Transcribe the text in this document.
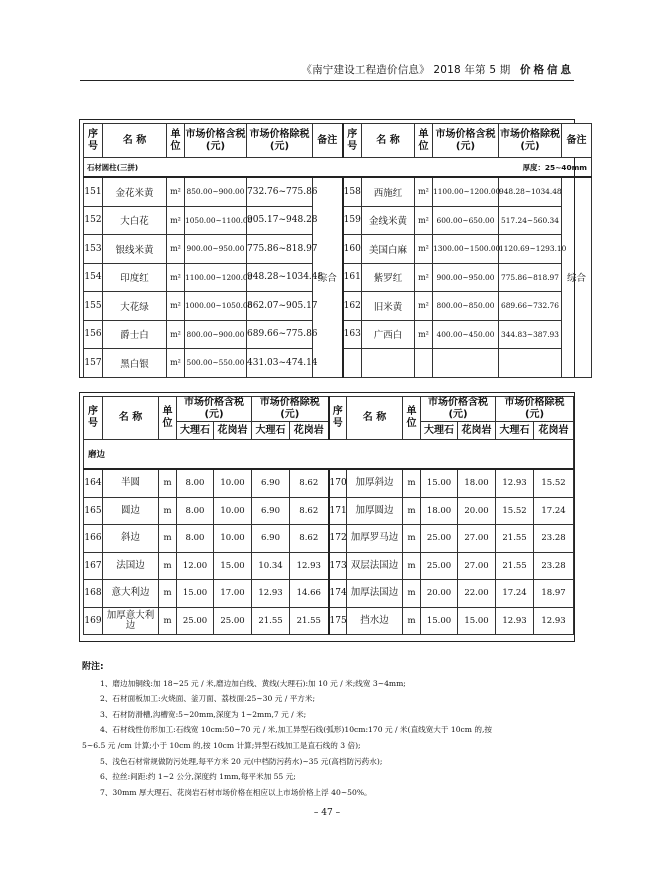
《南宁建设工程造价信息》 2018 年第 5 期 价格信息
序号	名 称	单位	市场价格含税(元)	市场价格除税(元)	备注	序号	名 称	单位	市场价格含税(元)	市场价格除税(元)	备注
石材圆柱(三拼) 厚度：25~40mm											

151	金花米黄	m²	850.00~900.00	732.76~775.86	综合	158	西施红	m²	1100.00~1200.00	948.28~1034.48	综合
152	大白花	m²	1050.00~1100.00	905.17~948.28		159	金线米黄	m²	600.00~650.00	517.24~560.34	
153	银线米黄	m²	900.00~950.00	775.86~818.97		160	美国白麻	m²	1300.00~1500.00	1120.69~1293.10	
154	印度红	m²	1100.00~1200.00	948.28~1034.48		161	紫罗红	m²	900.00~950.00	775.86~818.97	
155	大花绿	m²	1000.00~1050.00	862.07~905.17		162	旧米黄	m²	800.00~850.00	689.66~732.76	
156	爵士白	m²	800.00~900.00	689.66~775.86		163	广西白	m²	400.00~450.00	344.83~387.93	
157	黑白银	m²	500.00~550.00	431.03~474.14							
序号	名 称	单位	市场价格含税(元)		市场价格除税(元)		序号	名 称	单位	市场价格含税(元)		市场价格除税(元)	
			大理石	花岗岩	大理石	花岗岩				大理石	花岗岩	大理石	花岗岩
磨边													
164	半圆	m	8.00	10.00	6.90	8.62	170	加厚斜边	m	15.00	18.00	12.93	15.52
165	圆边	m	8.00	10.00	6.90	8.62	171	加厚圆边	m	18.00	20.00	15.52	17.24
166	斜边	m	8.00	10.00	6.90	8.62	172	加厚罗马边	m	25.00	27.00	21.55	23.28
167	法国边	m	12.00	15.00	10.34	12.93	173	双层法国边	m	25.00	27.00	21.55	23.28
168	意大利边	m	15.00	17.00	12.93	14.66	174	加厚法国边	m	20.00	22.00	17.24	18.97
169	加厚意大利边	m	25.00	25.00	21.55	21.55	175	挡水边	m	15.00	15.00	12.93	12.93
附注:
1、磨边加铜线:加 18~25 元 / 米,磨边加白线、黄线(大理石):加 10 元 / 米;线宽 3~4mm;
2、石材面板加工:火烧面、釜刀面、荔枝面:25~30 元 / 平方米;
3、石材防滑槽,沟槽宽:5~20mm,深度为 1~2mm,7 元 / 米;
4、石材线性仿形加工:石线宽 10cm:50~70 元 / 米,加工异型石线(弧形)10cm:170 元 / 米(直线宽大于 10cm 的,按
5~6.5 元 /cm 计算;小于 10cm 的,按 10cm 计算;异型石线加工是直石线的 3 倍);
5、浅色石材常规做防污处理,每平方米 20 元(中档防污药水)~35 元(高档防污药水);
6、拉丝:间距:约 1~2 公分,深度约 1mm,每平米加 55 元;
7、30mm 厚大理石、花岗岩石材市场价格在相应以上市场价格上浮 40~50%。
– 47 –
